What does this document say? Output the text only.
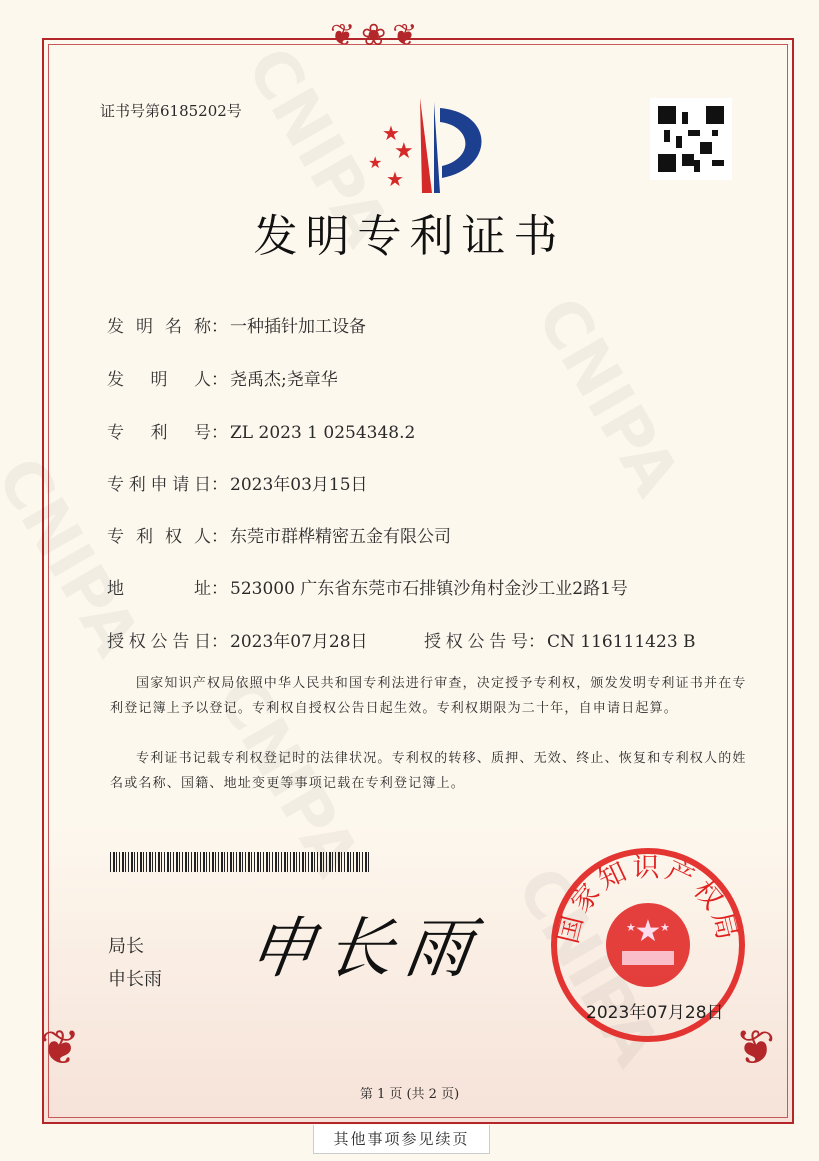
❦❀❦
❦	❦
证书号第6185202号
★
★
★
★
发明专利证书
发明名称 ： 一种插针加工设备
发明人 ： 尧禹杰;尧章华
专利号 ： ZL 2023 1 0254348.2
专利申请日 ： 2023年03月15日
专利权人 ： 东莞市群桦精密五金有限公司
地址 ： 523000 广东省东莞市石排镇沙角村金沙工业2路1号
授权公告日 ： 2023年07月28日	授权公告号 ： CN 116111423 B
国家知识产权局依照中华人民共和国专利法进行审查，决定授予专利权，颁发发明专利证书并在专利登记簿上予以登记。专利权自授权公告日起生效。专利权期限为二十年，自申请日起算。
专利证书记载专利权登记时的法律状况。专利权的转移、质押、无效、终止、恢复和专利权人的姓名或名称、国籍、地址变更等事项记载在专利登记簿上。
局长
申长雨 申长雨 国家知识产权局
★
★ ★
2023年07月28日
第 1 页 (共 2 页)
其他事项参见续页
